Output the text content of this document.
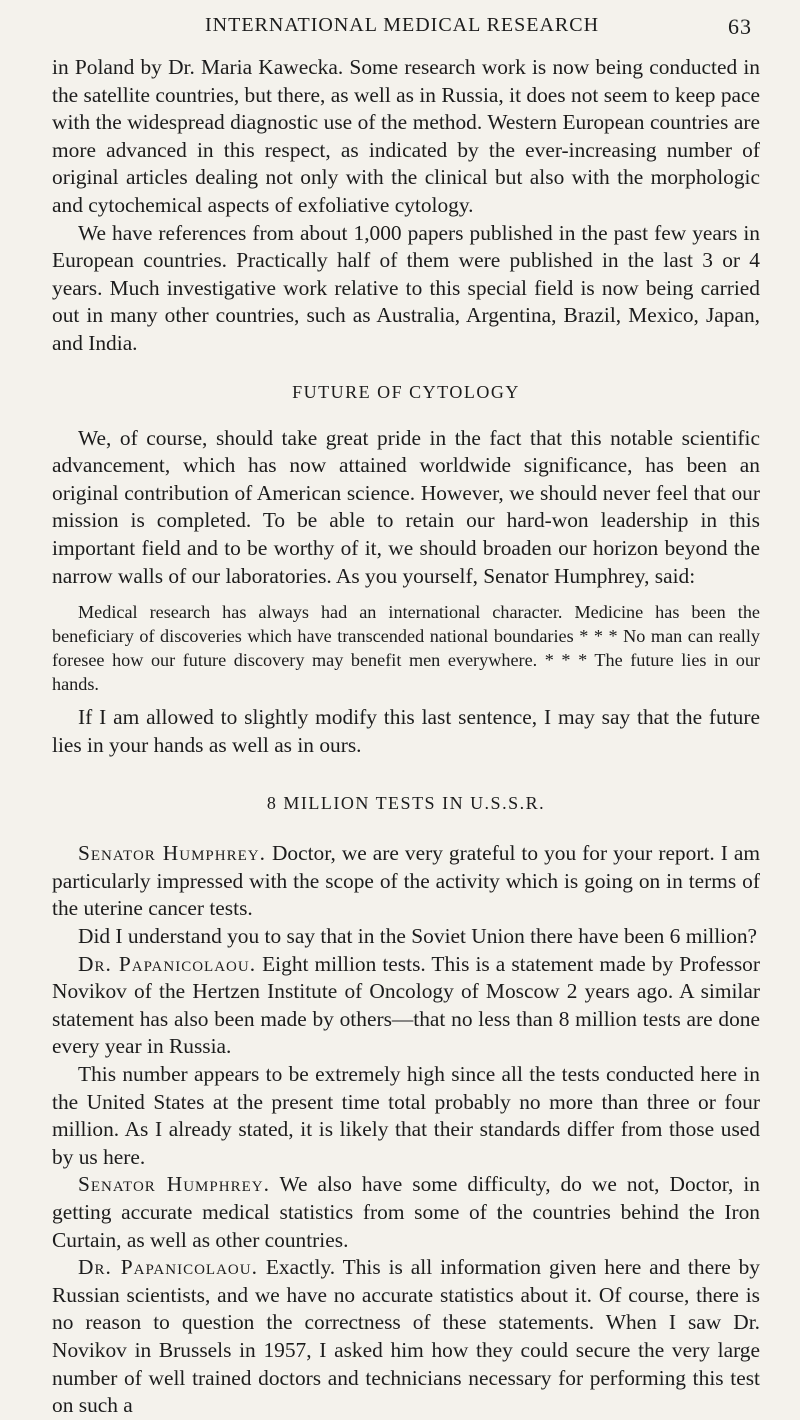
INTERNATIONAL MEDICAL RESEARCH	63

in Poland by Dr. Maria Kawecka. Some research work is now being conducted in the satellite countries, but there, as well as in Russia, it does not seem to keep pace with the widespread diagnostic use of the method. Western European countries are more advanced in this respect, as indicated by the ever-increasing number of original articles dealing not only with the clinical but also with the morphologic and cytochemical aspects of exfoliative cytology.

We have references from about 1,000 papers published in the past few years in European countries. Practically half of them were published in the last 3 or 4 years. Much investigative work relative to this special field is now being carried out in many other countries, such as Australia, Argentina, Brazil, Mexico, Japan, and India.

FUTURE OF CYTOLOGY

We, of course, should take great pride in the fact that this notable scientific advancement, which has now attained worldwide significance, has been an original contribution of American science. However, we should never feel that our mission is completed. To be able to retain our hard-won leadership in this important field and to be worthy of it, we should broaden our horizon beyond the narrow walls of our laboratories. As you yourself, Senator Humphrey, said:

Medical research has always had an international character. Medicine has been the beneficiary of discoveries which have transcended national boundaries * * * No man can really foresee how our future discovery may benefit men everywhere. * * * The future lies in our hands.

If I am allowed to slightly modify this last sentence, I may say that the future lies in your hands as well as in ours.

8 MILLION TESTS IN U.S.S.R.

Senator Humphrey. Doctor, we are very grateful to you for your report. I am particularly impressed with the scope of the activity which is going on in terms of the uterine cancer tests.

Did I understand you to say that in the Soviet Union there have been 6 million?

Dr. Papanicolaou. Eight million tests. This is a statement made by Professor Novikov of the Hertzen Institute of Oncology of Moscow 2 years ago. A similar statement has also been made by others—that no less than 8 million tests are done every year in Russia.

This number appears to be extremely high since all the tests conducted here in the United States at the present time total probably no more than three or four million. As I already stated, it is likely that their standards differ from those used by us here.

Senator Humphrey. We also have some difficulty, do we not, Doctor, in getting accurate medical statistics from some of the countries behind the Iron Curtain, as well as other countries.

Dr. Papanicolaou. Exactly. This is all information given here and there by Russian scientists, and we have no accurate statistics about it. Of course, there is no reason to question the correctness of these statements. When I saw Dr. Novikov in Brussels in 1957, I asked him how they could secure the very large number of well trained doctors and technicians necessary for performing this test on such a
